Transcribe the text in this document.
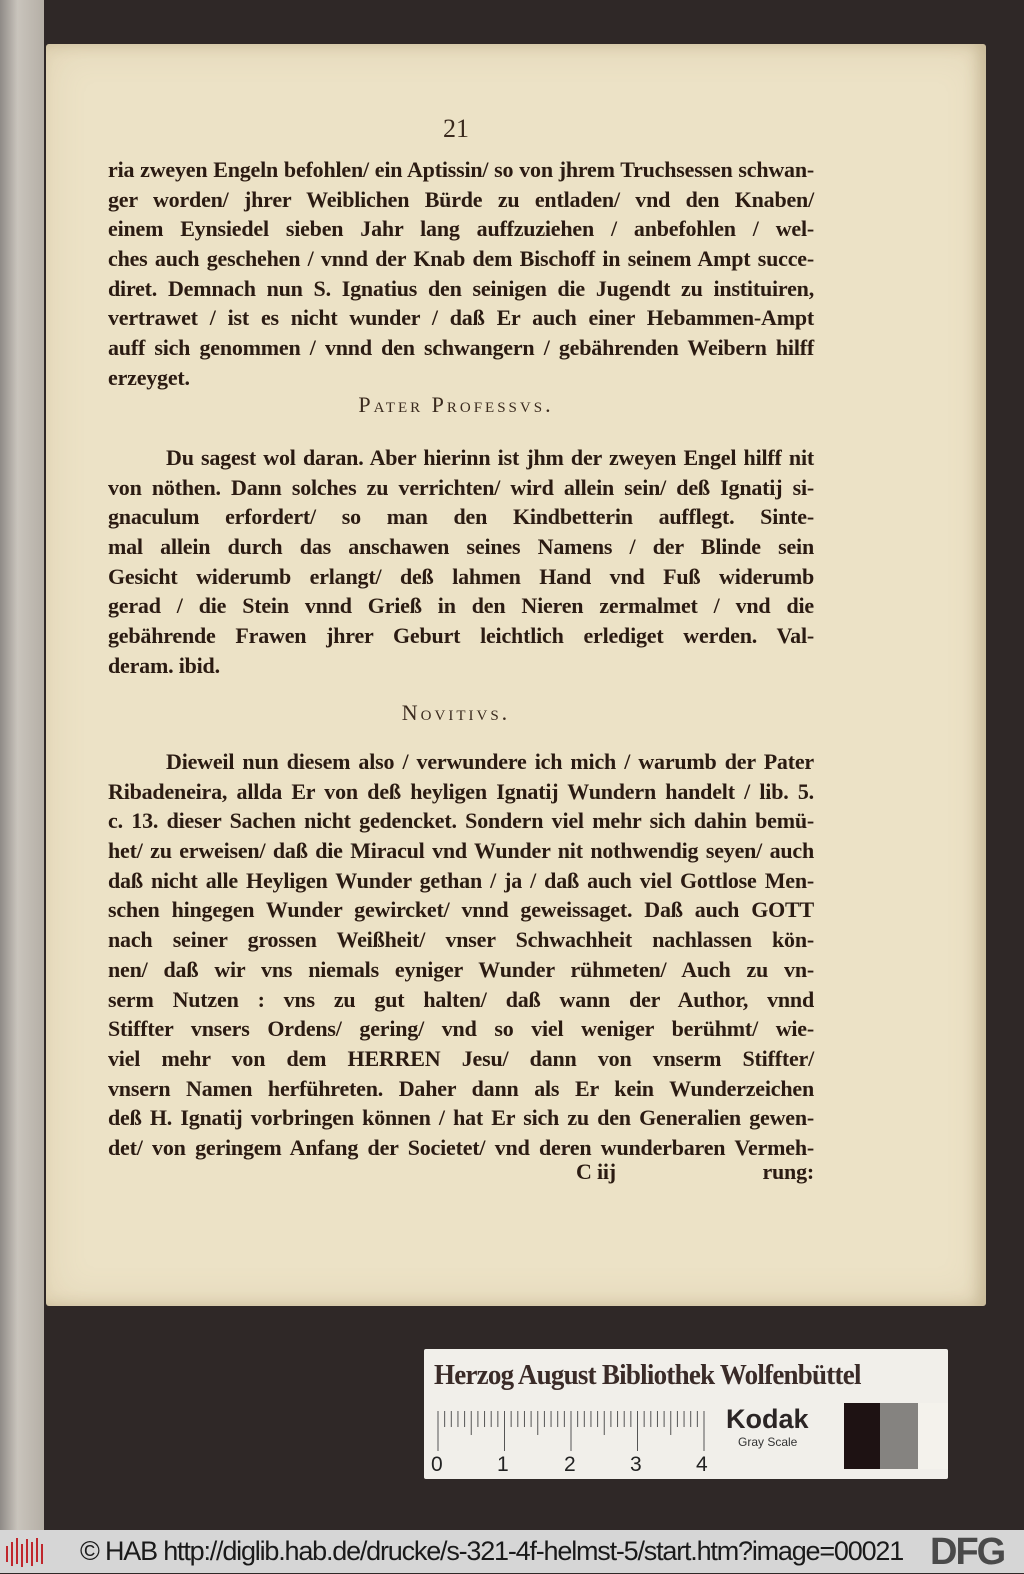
21
ria zweyen Engeln befohlen/ ein Aptissin/ so von jhrem Truchsessen schwan-
ger worden/ jhrer Weiblichen Bürde zu entladen/ vnd den Knaben/
einem Eynsiedel sieben Jahr lang auffzuziehen / anbefohlen / wel-
ches auch geschehen / vnnd der Knab dem Bischoff in seinem Ampt succe-
diret. Demnach nun S. Ignatius den seinigen die Jugendt zu instituiren,
vertrawet / ist es nicht wunder / daß Er auch einer Hebammen-Ampt
auff sich genommen / vnnd den schwangern / gebährenden Weibern hilff
erzeyget.
Pater Professvs.
Du sagest wol daran. Aber hierinn ist jhm der zweyen Engel hilff nit
von nöthen. Dann solches zu verrichten/ wird allein sein/ deß Ignatij si-
gnaculum erfordert/ so man den Kindbetterin aufflegt. Sinte-
mal allein durch das anschawen seines Namens / der Blinde sein
Gesicht widerumb erlangt/ deß lahmen Hand vnd Fuß widerumb
gerad / die Stein vnnd Grieß in den Nieren zermalmet / vnd die
gebährende Frawen jhrer Geburt leichtlich erlediget werden. Val-
deram. ibid.
Novitivs.
Dieweil nun diesem also / verwundere ich mich / warumb der Pater
Ribadeneira, allda Er von deß heyligen Ignatij Wundern handelt / lib. 5.
c. 13. dieser Sachen nicht gedencket. Sondern viel mehr sich dahin bemü-
het/ zu erweisen/ daß die Miracul vnd Wunder nit nothwendig seyen/ auch
daß nicht alle Heyligen Wunder gethan / ja / daß auch viel Gottlose Men-
schen hingegen Wunder gewircket/ vnnd geweissaget. Daß auch GOTT
nach seiner grossen Weißheit/ vnser Schwachheit nachlassen kön-
nen/ daß wir vns niemals eyniger Wunder rühmeten/ Auch zu vn-
serm Nutzen : vns zu gut halten/ daß wann der Author, vnnd
Stiffter vnsers Ordens/ gering/ vnd so viel weniger berühmt/ wie-
viel mehr von dem HERREN Jesu/ dann von vnserm Stiffter/
vnsern Namen herführeten. Daher dann als Er kein Wunderzeichen
deß H. Ignatij vorbringen können / hat Er sich zu den Generalien gewen-
det/ von geringem Anfang der Societet/ vnd deren wunderbaren Vermeh-
C iij	rung:
Herzog August Bibliothek Wolfenbüttel
0	1	2	3	4
Kodak
Gray Scale
© HAB http://diglib.hab.de/drucke/s-321-4f-helmst-5/start.htm?image=00021 DFG
